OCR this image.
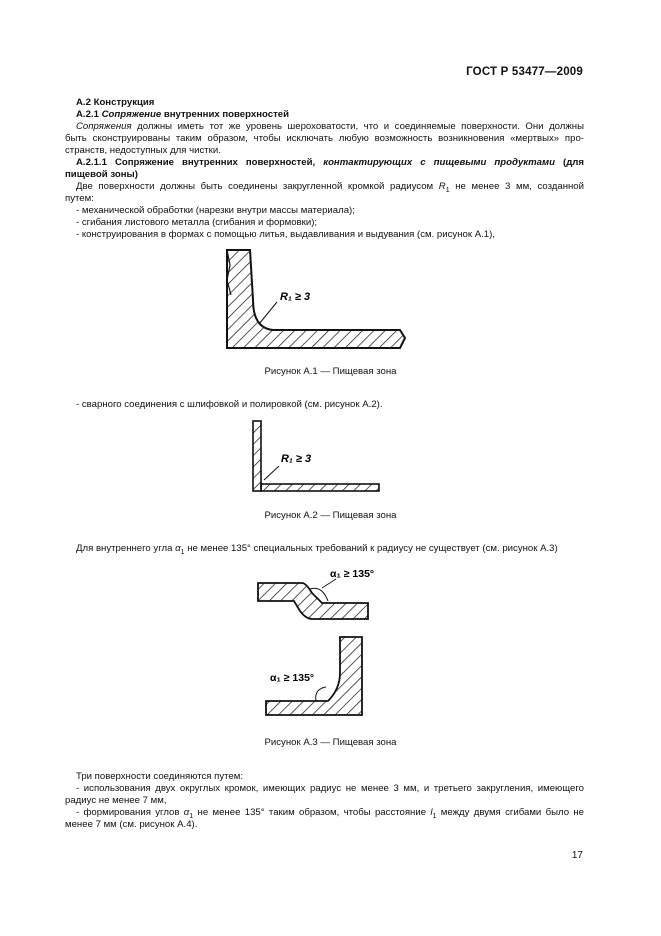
ГОСТ Р 53477—2009
А.2 Конструкция
А.2.1 Сопряжение внутренних поверхностей
Сопряжения должны иметь тот же уровень шероховатости, что и соединяемые поверхности. Они должны
быть сконструированы таким образом, чтобы исключать любую возможность возникновения «мертвых» про-
странств, недоступных для чистки.
А.2.1.1 Сопряжение внутренних поверхностей, контактирующих с пищевыми продуктами (для
пищевой зоны)
Две поверхности должны быть соединены закругленной кромкой радиусом $R_1$ не менее 3 мм, созданной
путем:
- механической обработки (нарезки внутри массы материала);
- сгибания листового металла (сгибания и формовки);
- конструирования в формах с помощью литья, выдавливания и выдувания (см. рисунок А.1),
R₁ ≥ 3
Рисунок А.1 — Пищевая зона
- сварного соединения с шлифовкой и полировкой (см. рисунок А.2).
R₁ ≥ 3
Рисунок А.2 — Пищевая зона
Для внутреннего угла $\alpha_1$ не менее 135° специальных требований к радиусу не существует (см. рисунок А.3)
α₁ ≥ 135°
α₁ ≥ 135°
Рисунок А.3 — Пищевая зона
Три поверхности соединяются путем:
- использования двух округлых кромок, имеющих радиус не менее 3 мм, и третьего закругления, имеющего
радиус не менее 7 мм,
- формирования углов $\alpha_1$ не менее 135° таким образом, чтобы расстояние $l_1$ между двумя сгибами было не
менее 7 мм (см. рисунок А.4).
17
